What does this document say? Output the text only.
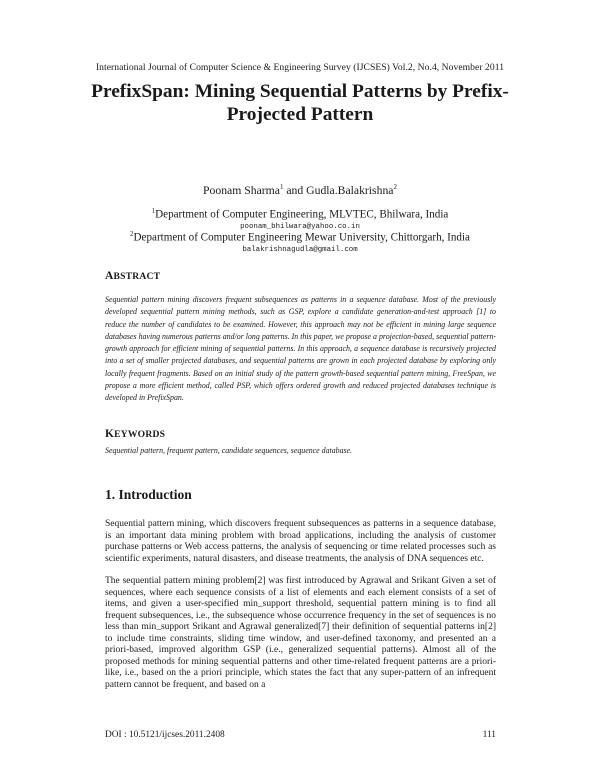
International Journal of Computer Science & Engineering Survey (IJCSES) Vol.2, No.4, November 2011
PrefixSpan: Mining Sequential Patterns by Prefix-Projected Pattern
Poonam Sharma$^1$ and Gudla.Balakrishna$^2$
$^1$Department of Computer Engineering, MLVTEC, Bhilwara, India
poonam_bhilwara@yahoo.co.in
$^2$Department of Computer Engineering Mewar University, Chittorgarh, India
balakrishnagudla@gmail.com
ABSTRACT

Sequential pattern mining discovers frequent subsequences as patterns in a sequence database. Most of the previously developed sequential pattern mining methods, such as GSP, explore a candidate generation-and-test approach [1] to reduce the number of candidates to be examined. However, this approach may not be efficient in mining large sequence databases having numerous patterns and/or long patterns. In this paper, we propose a projection-based, sequential pattern-growth approach for efficient mining of sequential patterns. In this approach, a sequence database is recursively projected into a set of smaller projected databases, and sequential patterns are grown in each projected database by exploring only locally frequent fragments. Based on an initial study of the pattern growth-based sequential pattern mining, FreeSpan, we propose a more efficient method, called PSP, which offers ordered growth and reduced projected databases technique is developed in PrefixSpan.

KEYWORDS

Sequential pattern, frequent pattern, candidate sequences, sequence database.

1. Introduction

Sequential pattern mining, which discovers frequent subsequences as patterns in a sequence database, is an important data mining problem with broad applications, including the analysis of customer purchase patterns or Web access patterns, the analysis of sequencing or time related processes such as scientific experiments, natural disasters, and disease treatments, the analysis of DNA sequences etc.

The sequential pattern mining problem[2] was first introduced by Agrawal and Srikant Given a set of sequences, where each sequence consists of a list of elements and each element consists of a set of items, and given a user-specified min_support threshold, sequential pattern mining is to find all frequent subsequences, i.e., the subsequence whose occurrence frequency in the set of sequences is no less than min_support Srikant and Agrawal generalized[7] their definition of sequential patterns in[2] to include time constraints, sliding time window, and user-defined taxonomy, and presented an a priori-based, improved algorithm GSP (i.e., generalized sequential patterns). Almost all of the proposed methods for mining sequential patterns and other time-related frequent patterns are a priori-like, i.e., based on the a priori principle, which states the fact that any super-pattern of an infrequent pattern cannot be frequent, and based on a

DOI : 10.5121/ijcses.2011.2408	111
